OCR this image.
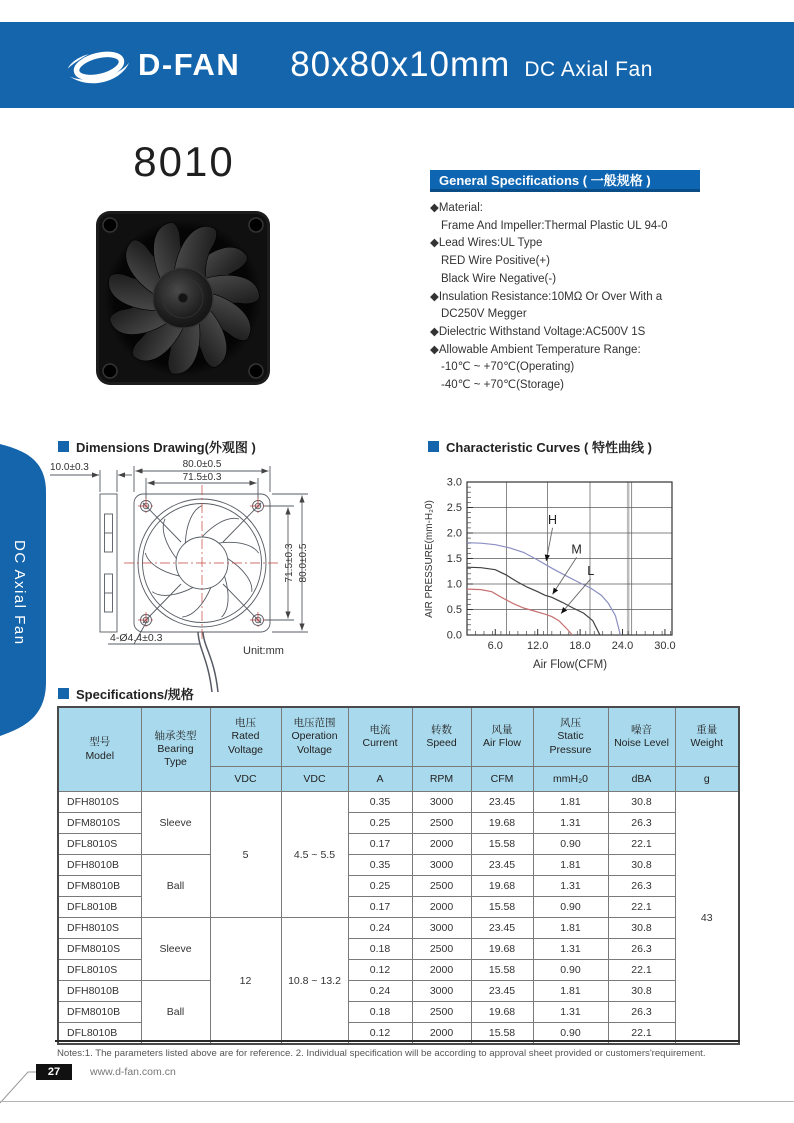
D-FAN 80x80x10mm DC Axial Fan
8010	General Specifications ( 一般规格 )
◆Material:
Frame And Impeller:Thermal Plastic UL 94-0
◆Lead Wires:UL Type
RED Wire Positive(+)
Black Wire Negative(-)
◆Insulation Resistance:10MΩ Or Over With a
DC250V Megger
◆Dielectric Withstand Voltage:AC500V 1S
◆Allowable Ambient Temperature Range:
-10℃ ~ +70℃(Operating)
-40℃ ~ +70℃(Storage)
DC Axial Fan
Dimensions Drawing(外观图 )	Characteristic Curves ( 特性曲线 )
Specifications/规格
10.0±0.3	80.0±0.5
71.5±0.3
71.5±0.3 80.0±0.5
4-Ø4.4±0.3
Unit:mm	6.0 12.0 18.0 24.0 30.0
0.0
0.5
1.0
1.5
2.0
2.5
3.0
H
M
L
AIR PRESSURE(mm-H₂0)
Air Flow(CFM)
型号
Model

轴承类型
Bearing
Type

电压
Rated
Voltage

电压范围
Operation
Voltage

电流
Current

转数
Speed

风量
Air Flow

风压
Static
Pressure

噪音
Noise Level

重量
Weight

		VDC	VDC	A	RPM	CFM	mmH₂0	dBA	g
DFH8010S	Sleeve	5	4.5 ~ 5.5	0.35	3000	23.45	1.81	30.8	43
DFM8010S				0.25	2500	19.68	1.31	26.3	
DFL8010S				0.17	2000	15.58	0.90	22.1	
DFH8010B	Ball			0.35	3000	23.45	1.81	30.8	
DFM8010B				0.25	2500	19.68	1.31	26.3	
DFL8010B				0.17	2000	15.58	0.90	22.1	
DFH8010S	Sleeve	12	10.8 ~ 13.2	0.24	3000	23.45	1.81	30.8	
DFM8010S				0.18	2500	19.68	1.31	26.3	
DFL8010S				0.12	2000	15.58	0.90	22.1	
DFH8010B	Ball			0.24	3000	23.45	1.81	30.8	
DFM8010B				0.18	2500	19.68	1.31	26.3	
DFL8010B				0.12	2000	15.58	0.90	22.1	
Notes:1. The parameters listed above are for reference. 2. Individual specification will be according to approval sheet provided or customers'requirement.
27	www.d-fan.com.cn
